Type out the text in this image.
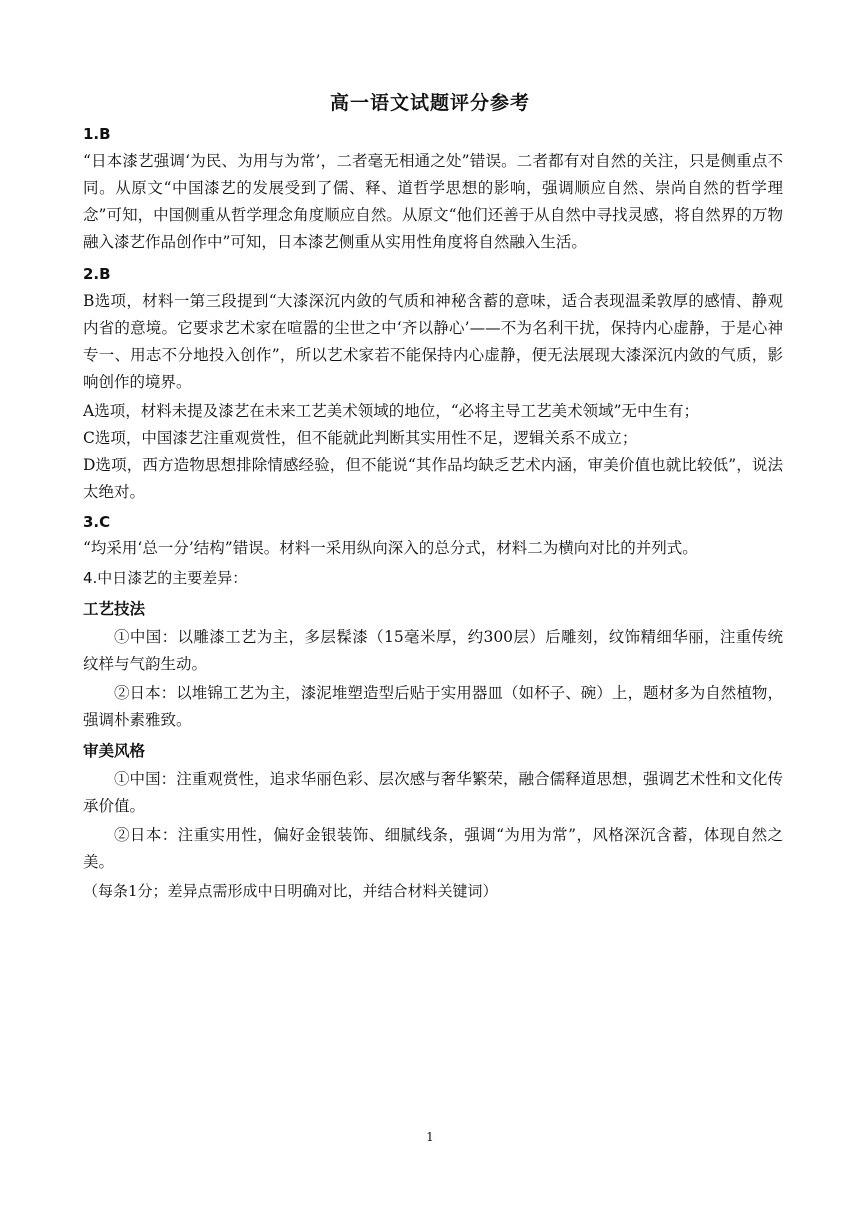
高一语文试题评分参考
1.B

“日本漆艺强调‘为民、为用与为常’，二者毫无相通之处”错误。二者都有对自然的关注，只是侧重点不同。从原文“中国漆艺的发展受到了儒、释、道哲学思想的影响，强调顺应自然、崇尚自然的哲学理念”可知，中国侧重从哲学理念角度顺应自然。从原文“他们还善于从自然中寻找灵感，将自然界的万物融入漆艺作品创作中”可知，日本漆艺侧重从实用性角度将自然融入生活。

2.B

B选项，材料一第三段提到“大漆深沉内敛的气质和神秘含蓄的意味，适合表现温柔敦厚的感情、静观内省的意境。它要求艺术家在喧嚣的尘世之中‘齐以静心’——不为名利干扰，保持内心虚静，于是心神专一、用志不分地投入创作”，所以艺术家若不能保持内心虚静，便无法展现大漆深沉内敛的气质，影响创作的境界。

A选项，材料未提及漆艺在未来工艺美术领域的地位，“必将主导工艺美术领域”无中生有；

C选项，中国漆艺注重观赏性，但不能就此判断其实用性不足，逻辑关系不成立；

D选项，西方造物思想排除情感经验，但不能说“其作品均缺乏艺术内涵，审美价值也就比较低”，说法太绝对。

3.C

“均采用‘总一分’结构”错误。材料一采用纵向深入的总分式，材料二为横向对比的并列式。

4.中日漆艺的主要差异：
工艺技法

①中国：以雕漆工艺为主，多层髹漆（15毫米厚，约300层）后雕刻，纹饰精细华丽，注重传统纹样与气韵生动。

②日本：以堆锦工艺为主，漆泥堆塑造型后贴于实用器皿（如杯子、碗）上，题材多为自然植物，强调朴素雅致。

审美风格

①中国：注重观赏性，追求华丽色彩、层次感与奢华繁荣，融合儒释道思想，强调艺术性和文化传承价值。

②日本：注重实用性，偏好金银装饰、细腻线条，强调“为用为常”，风格深沉含蓄，体现自然之美。

（每条1分；差异点需形成中日明确对比，并结合材料关键词）

1
